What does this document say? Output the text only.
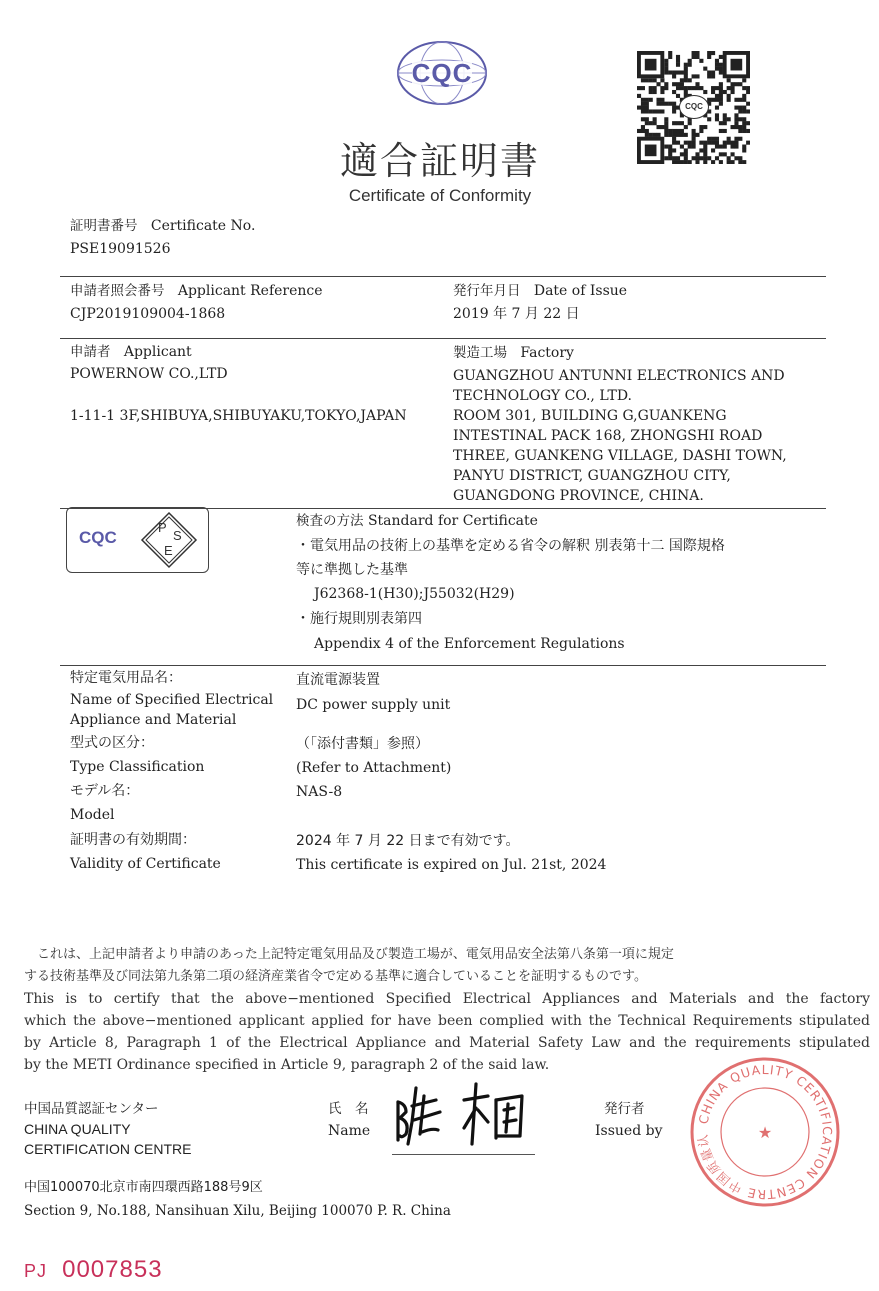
CQC
適合証明書
Certificate of Conformity
CQC
証明書番号 Certificate No.
PSE19091526
申請者照会番号 Applicant Reference
CJP2019109004-1868
発行年月日 Date of Issue
2019 年 7 月 22 日
申請者 Applicant
POWERNOW CO.,LTD
1-11-1 3F,SHIBUYA,SHIBUYAKU,TOKYO,JAPAN
製造工場 Factory
GUANGZHOU ANTUNNI ELECTRONICS AND
TECHNOLOGY CO., LTD.
ROOM 301, BUILDING G,GUANKENG
INTESTINAL PACK 168, ZHONGSHI ROAD
THREE, GUANKENG VILLAGE, DASHI TOWN,
PANYU DISTRICT, GUANGZHOU CITY,
GUANGDONG PROVINCE, CHINA.
CQC
P
S
E
検査の方法 Standard for Certificate
・電気用品の技術上の基準を定める省令の解釈 別表第十二 国際規格
等に準拠した基準
J62368-1(H30);J55032(H29)
・施行規則別表第四
Appendix 4 of the Enforcement Regulations
特定電気用品名：
Name of Specified Electrical
Appliance and Material
直流電源装置
DC power supply unit
型式の区分：
Type Classification
（「添付書類」参照）
(Refer to Attachment)
モデル名：
Model
NAS-8
証明書の有効期間：
Validity of Certificate
2024 年 7 月 22 日まで有効です。
This certificate is expired on Jul. 21st, 2024
　これは、上記申請者より申請のあった上記特定電気用品及び製造工場が、電気用品安全法第八条第一項に規定
する技術基準及び同法第九条第二項の経済産業省令で定める基準に適合していることを証明するものです。
This is to certify that the above−mentioned Specified Electrical Appliances and Materials and the factory
which the above−mentioned applicant applied for have been complied with the Technical Requirements stipulated
by Article 8, Paragraph 1 of the Electrical Appliance and Material Safety Law and the requirements stipulated
by the METI Ordinance specified in Article 9, paragraph 2 of the said law.
中国品質認証センター
CHINA QUALITY
CERTIFICATION CENTRE
氏　名
Name
発行者
Issued by
CHINA QUALITY CERTIFICATION CENTRE 中国质量认	★
中国100070北京市南四環西路188号9区
Section 9, No.188, Nansihuan Xilu, Beijing 100070 P. R. China
PJ 0007853
